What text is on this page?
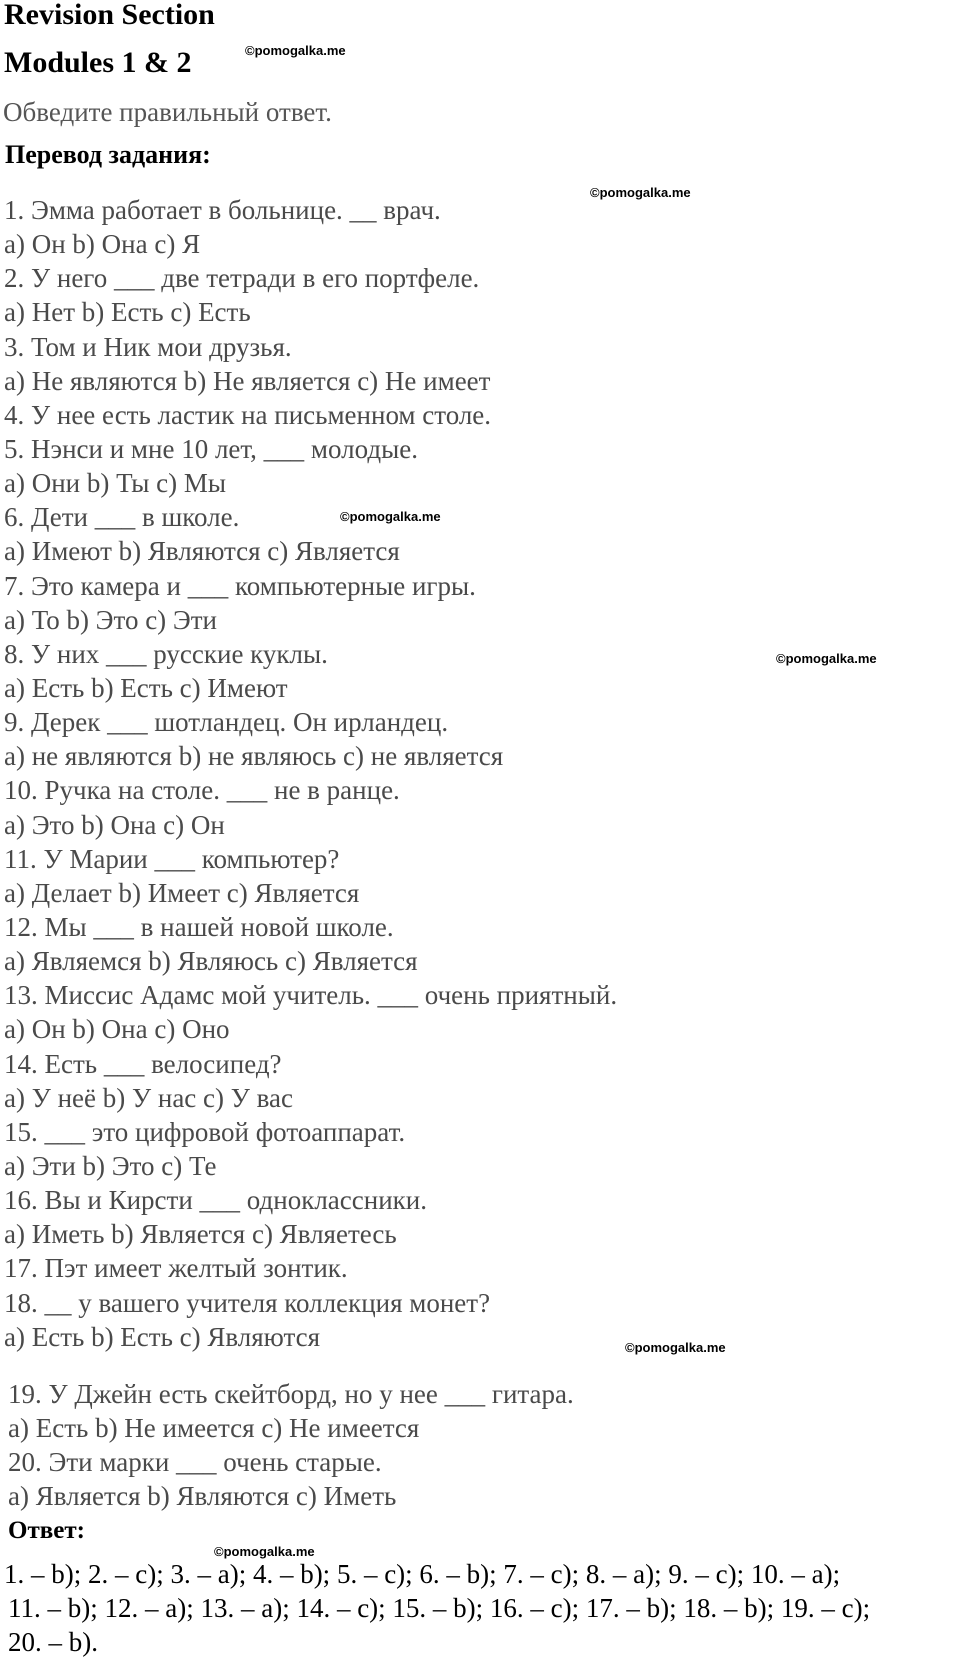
Revision Section
Modules 1 & 2
Обведите правильный ответ.
Перевод задания:
1. Эмма работает в больнице. __ врач.
a) Он b) Она c) Я
2. У него ___ две тетради в его портфеле.
a) Нет b) Есть c) Есть
3. Том и Ник мои друзья.
a) Не являются b) Не является c) Не имеет
4. У нее есть ластик на письменном столе.
5. Нэнси и мне 10 лет, ___ молодые.
a) Они b) Ты c) Мы
6. Дети ___ в школе.
a) Имеют b) Являются c) Является
7. Это камера и ___ компьютерные игры.
a) То b) Это c) Эти
8. У них ___ русские куклы.
a) Есть b) Есть c) Имеют
9. Дерек ___ шотландец. Он ирландец.
a) не являются b) не являюсь c) не является
10. Ручка на столе. ___ не в ранце.
a) Это b) Она c) Он
11. У Марии ___ компьютер?
a) Делает b) Имеет c) Является
12. Мы ___ в нашей новой школе.
a) Являемся b) Являюсь c) Является
13. Миссис Адамс мой учитель. ___ очень приятный.
a) Он b) Она c) Оно
14. Есть ___ велосипед?
a) У неё b) У нас c) У вас
15. ___ это цифровой фотоаппарат.
a) Эти b) Это c) Те
16. Вы и Кирсти ___ одноклассники.
a) Иметь b) Является c) Являетесь
17. Пэт имеет желтый зонтик.
18. __ у вашего учителя коллекция монет?
a) Есть b) Есть c) Являются
19. У Джейн есть скейтборд, но у нее ___ гитара.
a) Есть b) Не имеется c) Не имеется
20. Эти марки ___ очень старые.
a) Является b) Являются c) Иметь
Ответ:
1. – b); 2. – c); 3. – a); 4. – b); 5. – c); 6. – b); 7. – c); 8. – a); 9. – c); 10. – a);
11. – b); 12. – a); 13. – a); 14. – c); 15. – b); 16. – c); 17. – b); 18. – b); 19. – c);
20. – b).
©pomogalka.me
©pomogalka.me
©pomogalka.me
©pomogalka.me
©pomogalka.me
©pomogalka.me
